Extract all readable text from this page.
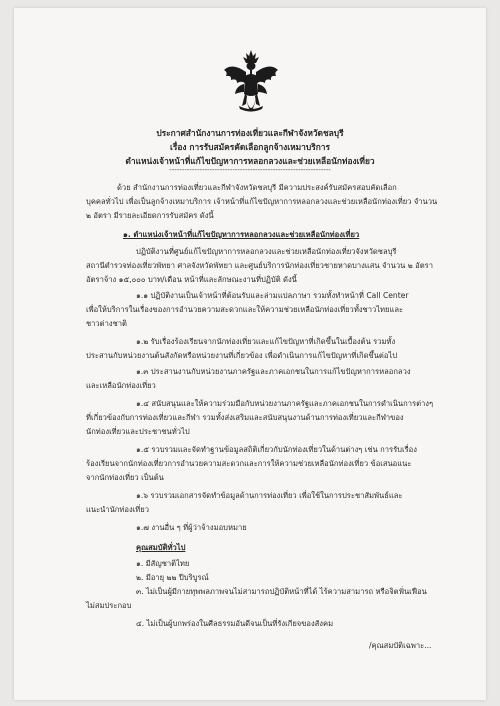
ประกาศสำนักงานการท่องเที่ยวและกีฬาจังหวัดชลบุรี
เรื่อง การรับสมัครคัดเลือกลูกจ้างเหมาบริการ
ตำแหน่งเจ้าหน้าที่แก้ไขปัญหาการหลอกลวงและช่วยเหลือนักท่องเที่ยว
----------------------------------------------------------------
ด้วย สำนักงานการท่องเที่ยวและกีฬาจังหวัดชลบุรี มีความประสงค์รับสมัครสอบคัดเลือก
บุคคลทั่วไป เพื่อเป็นลูกจ้างเหมาบริการ เจ้าหน้าที่แก้ไขปัญหาการหลอกลวงและช่วยเหลือนักท่องเที่ยว จำนวน
๒ อัตรา มีรายละเอียดการรับสมัคร ดังนี้
๑. ตำแหน่งเจ้าหน้าที่แก้ไขปัญหาการหลอกลวงและช่วยเหลือนักท่องเที่ยว
ปฏิบัติงานที่ศูนย์แก้ไขปัญหาการหลอกลวงและช่วยเหลือนักท่องเที่ยวจังหวัดชลบุรี
สถานีตำรวจท่องเที่ยวพัทยา ศาลจังหวัดพัทยา และศูนย์บริการนักท่องเที่ยวชายหาดบางแสน จำนวน ๒ อัตรา
อัตราจ้าง ๑๕,๐๐๐ บาท/เดือน หน้าที่และลักษณะงานที่ปฏิบัติ ดังนี้
๑.๑ ปฏิบัติงานเป็นเจ้าหน้าที่ต้อนรับและล่ามแปลภาษา รวมทั้งทำหน้าที่ Call Center
เพื่อให้บริการในเรื่องของการอำนวยความสะดวกและให้ความช่วยเหลือนักท่องเที่ยวทั้งชาวไทยและ
ชาวต่างชาติ
๑.๒ รับเรื่องร้องเรียนจากนักท่องเที่ยวและแก้ไขปัญหาที่เกิดขึ้นในเบื้องต้น รวมทั้ง
ประสานกับหน่วยงานต้นสังกัดหรือหน่วยงานที่เกี่ยวข้อง เพื่อดำเนินการแก้ไขปัญหาที่เกิดขึ้นต่อไป
๑.๓ ประสานงานกับหน่วยงานภาครัฐและภาคเอกชนในการแก้ไขปัญหาการหลอกลวง
และเหลือนักท่องเที่ยว
๑.๔ สนับสนุนและให้ความร่วมมือกับหน่วยงานภาครัฐและภาคเอกชนในการดำเนินการต่างๆ
ที่เกี่ยวข้องกับการท่องเที่ยวและกีฬา รวมทั้งส่งเสริมและสนับสนุนงานด้านการท่องเที่ยวและกีฬาของ
นักท่องเที่ยวและประชาชนทั่วไป
๑.๕ รวบรวมและจัดทำฐานข้อมูลสถิติเกี่ยวกับนักท่องเที่ยวในด้านต่างๆ เช่น การรับเรื่อง
ร้องเรียนจากนักท่องเที่ยวการอำนวยความสะดวกและการให้ความช่วยเหลือนักท่องเที่ยว ข้อเสนอแนะ
จากนักท่องเที่ยว เป็นต้น
๑.๖ รวบรวมเอกสารจัดทำข้อมูลด้านการท่องเที่ยว เพื่อใช้ในการประชาสัมพันธ์และ
แนะนำนักท่องเที่ยว
๑.๗ งานอื่น ๆ ที่ผู้ว่าจ้างมอบหมาย
คุณสมบัติทั่วไป
๑. มีสัญชาติไทย
๒. มีอายุ ๒๒ ปีบริบูรณ์
๓. ไม่เป็นผู้มีกายทุพพลภาพจนไม่สามารถปฏิบัติหน้าที่ได้ ไร้ความสามารถ หรือจิตฟั่นเฟือน
ไม่สมประกอบ
๔. ไม่เป็นผู้บกพร่องในศีลธรรมอันดีจนเป็นที่รังเกียจของสังคม
/คุณสมบัติเฉพาะ...
